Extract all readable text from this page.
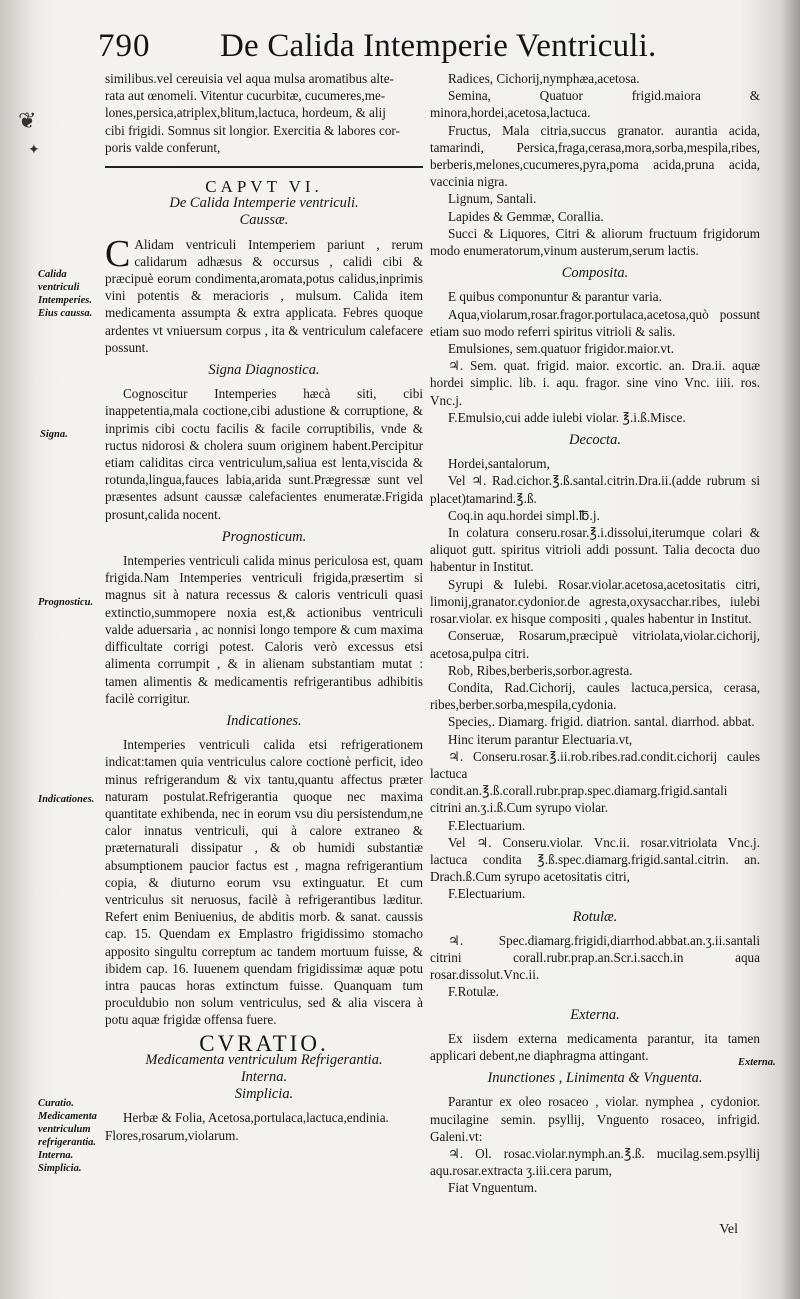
❦
✦
790 De Calida Intemperie Ventriculi.

similibus.vel cereuisia vel aqua mulsa aromatibus alte-

rata aut œnomeli. Vitentur cucurbitæ, cucumeres,me-

lones,persica,atriplex,blitum,lactuca, hordeum, & alij

cibi frigidi. Somnus sit longior. Exercitia & labores cor-

poris valde conferunt,

CAPVT VI.

De Calida Intemperie ventriculi.

Caussæ.

C Alidam ventriculi Intemperiem pariunt , rerum calidarum adhæsus & occursus , calidi cibi & præcipuè eorum condimenta,aromata,potus calidus,inprimis vini potentis & meracioris , mulsum. Calida item medicamenta assumpta & extra applicata. Febres quoque ardentes vt vniuersum corpus , ita & ventriculum calefacere possunt.

Signa Diagnostica.

Cognoscitur Intemperies hæcà siti, cibi inappetentia,mala coctione,cibi adustione & corruptione, & inprimis cibi coctu facilis & facile corruptibilis, vnde & ructus nidorosi & cholera suum originem habent.Percipitur etiam caliditas circa ventriculum,saliua est lenta,viscida & rotunda,lingua,fauces labia,arida sunt.Prægressæ sunt vel præsentes adsunt caussæ calefacientes enumeratæ.Frigida prosunt,calida nocent.

Prognosticum.

Intemperies ventriculi calida minus periculosa est, quam frigida.Nam Intemperies ventriculi frigida,præsertim si magnus sit à natura recessus & caloris ventriculi quasi extinctio,summopere noxia est,& actionibus ventriculi valde aduersaria , ac nonnisi longo tempore & cum maxima difficultate corrigi potest. Caloris verò excessus etsi alimenta corrumpit , & in alienam substantiam mutat : tamen alimentis & medicamentis refrigerantibus adhibitis facilè corrigitur.

Indicationes.

Intemperies ventriculi calida etsi refrigerationem indicat:tamen quia ventriculus calore coctionè perficit, ideo minus refrigerandum & vix tantu,quantu affectus præter naturam postulat.Refrigerantia quoque nec maxima quantitate exhibenda, nec in eorum vsu diu persistendum,ne calor innatus ventriculi, qui à calore extraneo & præternaturali dissipatur , & ob humidi substantiæ absumptionem paucior factus est , magna refrigerantium copia, & diuturno eorum vsu extinguatur. Et cum ventriculus sit neruosus, facilè à refrigerantibus læditur. Refert enim Beniuenius, de abditis morb. & sanat. caussis cap. 15. Quendam ex Emplastro frigidissimo stomacho apposito singultu correptum ac tandem mortuum fuisse, & ibidem cap. 16. Iuuenem quendam frigidissimæ aquæ potu intra paucas horas extinctum fuisse. Quanquam tum proculdubio non solum ventriculus, sed & alia viscera à potu aquæ frigidæ offensa fuere.

CVRATIO.

Medicamenta ventriculum Refrigerantia.

Interna.

Simplicia.

Herbæ & Folia, Acetosa,portulaca,lactuca,endinia.

Flores,rosarum,violarum.

Radices, Cichorij,nymphæa,acetosa.

Semina, Quatuor frigid.maiora & minora,hordei,acetosa,lactuca.

Fructus, Mala citria,succus granator. aurantia acida, tamarindi, Persica,fraga,cerasa,mora,sorba,mespila,ribes, berberis,melones,cucumeres,pyra,poma acida,pruna acida, vaccinia nigra.

Lignum, Santali.

Lapides & Gemmæ, Corallia.

Succi & Liquores, Citri & aliorum fructuum frigidorum modo enumeratorum,vinum austerum,serum lactis.

Composita.

E quibus componuntur & parantur varia.

Aqua,violarum,rosar.fragor.portulaca,acetosa,quò possunt etiam suo modo referri spiritus vitrioli & salis.

Emulsiones, sem.quatuor frigidor.maior.vt.

♃. Sem. quat. frigid. maior. excortic. an. Dra.ii. aquæ hordei simplic. lib. i. aqu. fragor. sine vino Vnc. iiii. ros. Vnc.j.

F.Emulsio,cui adde iulebi violar. ℥.i.ß.Misce.

Decocta.

Hordei,santalorum,

Vel ♃. Rad.cichor.℥.ß.santal.citrin.Dra.ii.(adde rubrum si placet)tamarind.℥.ß.

Coq.in aqu.hordei simpl.℔.j.

In colatura conseru.rosar.℥.i.dissolui,iterumque colari & aliquot gutt. spiritus vitrioli addi possunt. Talia decocta duo habentur in Institut.

Syrupi & Iulebi. Rosar.violar.acetosa,acetositatis citri, limonij,granator.cydonior.de agresta,oxysacchar.ribes, iulebi rosar.violar. ex hisque compositi , quales habentur in Institut.

Conseruæ, Rosarum,præcipuè vitriolata,violar.cichorij, acetosa,pulpa citri.

Rob, Ribes,berberis,sorbor.agresta.

Condita, Rad.Cichorij, caules lactuca,persica, cerasa, ribes,berber.sorba,mespila,cydonia.

Species,. Diamarg. frigid. diatrion. santal. diarrhod. abbat.

Hinc iterum parantur Electuaria.vt,

♃. Conseru.rosar.℥.ii.rob.ribes.rad.condit.cichorij caules lactuca condit.an.℥.ß.corall.rubr.prap.spec.diamarg.frigid.santali citrini an.ʒ.i.ß.Cum syrupo violar.

F.Electuarium.

Vel ♃. Conseru.violar. Vnc.ii. rosar.vitriolata Vnc.j. lactuca condita ℥.ß.spec.diamarg.frigid.santal.citrin. an. Drach.ß.Cum syrupo acetositatis citri,

F.Electuarium.

Rotulæ.

♃. Spec.diamarg.frigidi,diarrhod.abbat.an.ʒ.ii.santali citrini corall.rubr.prap.an.Scr.i.sacch.in aqua rosar.dissolut.Vnc.ii.

F.Rotulæ.

Externa.

Ex iisdem externa medicamenta parantur, ita tamen applicari debent,ne diaphragma attingant.

Inunctiones , Linimenta & Vnguenta.

Parantur ex oleo rosaceo , violar. nymphea , cydonior. mucilagine semin. psyllij, Vnguento rosaceo, infrigid. Galeni.vt:

♃. Ol. rosac.violar.nymph.an.℥.ß. mucilag.sem.psyllij aqu.rosar.extracta ʒ.iii.cera parum,

Fiat Vnguentum.

Calida ventriculi Intemperies. Eius caussa.
Signa.
Prognosticu.
Indicationes.
Curatio. Medicamenta ventriculum refrigerantia. Interna. Simplicia.
Externa.
Vel
